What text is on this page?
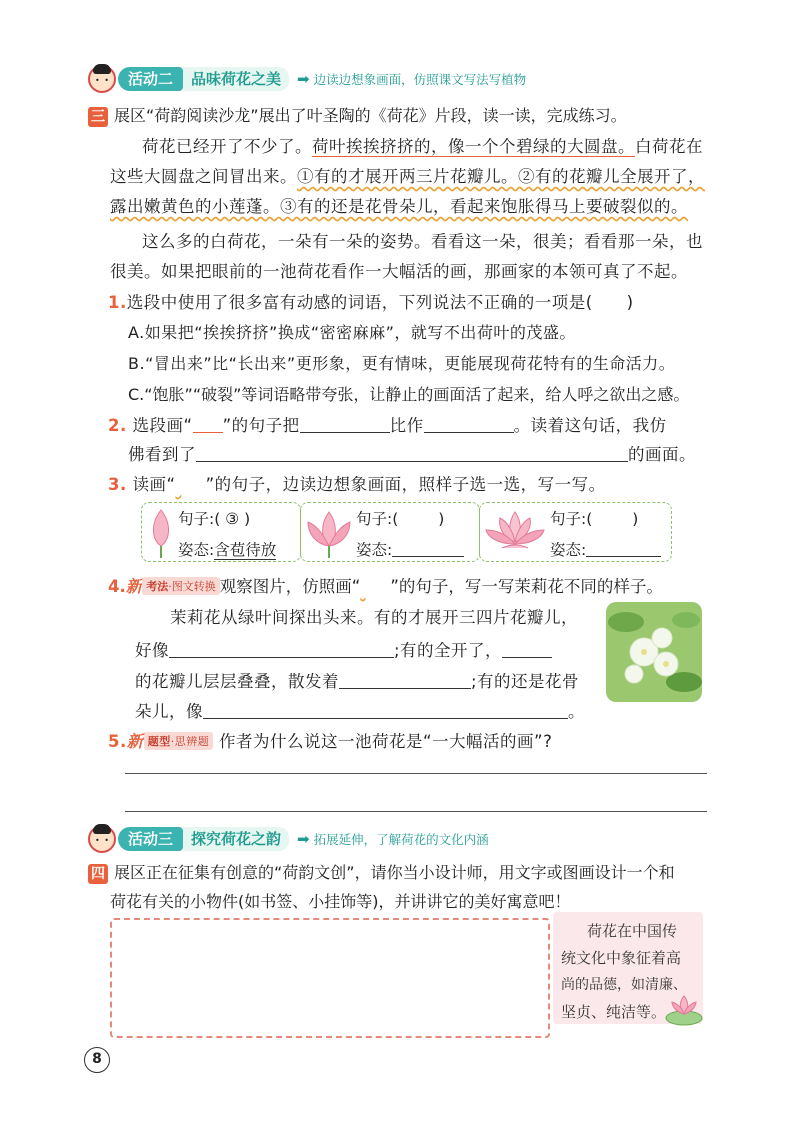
• •
活动二	品味荷花之美	➡ 边读边想象画面，仿照课文写法写植物
三 展区“荷韵阅读沙龙”展出了叶圣陶的《荷花》片段，读一读，完成练习。
荷花已经开了不少了。荷叶挨挨挤挤的，像一个个碧绿的大圆盘。白荷花在
这些大圆盘之间冒出来。①有的才展开两三片花瓣儿。②有的花瓣儿全展开了，
露出嫩黄色的小莲蓬。③有的还是花骨朵儿，看起来饱胀得马上要破裂似的。
这么多的白荷花，一朵有一朵的姿势。看看这一朵，很美；看看那一朵，也
很美。如果把眼前的一池荷花看作一大幅活的画，那画家的本领可真了不起。
1.选段中使用了很多富有动感的词语，下列说法不正确的一项是(　　)
A.如果把“挨挨挤挤”换成“密密麻麻”，就写不出荷叶的茂盛。
B.“冒出来”比“长出来”更形象，更有情味，更能展现荷花特有的生命活力。
C.“饱胀”“破裂”等词语略带夸张，让静止的画面活了起来，给人呼之欲出之感。
2. 选段画“ ”的句子把	比作	。读着这句话，我仿
佛看到了	的画面。
3. 读画“ ”的句子，边读边想象画面，照样子选一选，写一写。
句子:( ③ )
姿态:含苞待放
句子:(	)
姿态:
句子:(	)
姿态:
4.新 考法·图文转换 观察图片，仿照画“ ”的句子，写一写茉莉花不同的样子。
茉莉花从绿叶间探出头来。有的才展开三四片花瓣儿，
好像	;有的全开了，
的花瓣儿层层叠叠，散发着	;有的还是花骨
朵儿，像	。
5.新 题型·思辨题 作者为什么说这一池荷花是“一大幅活的画”?
• •
活动三	探究荷花之韵	➡ 拓展延伸，了解荷花的文化内涵
四 展区正在征集有创意的“荷韵文创”，请你当小设计师，用文字或图画设计一个和
荷花有关的小物件(如书签、小挂饰等)，并讲讲它的美好寓意吧！
荷花在中国传
统文化中象征着高
尚的品德，如清廉、
坚贞、纯洁等。
8
